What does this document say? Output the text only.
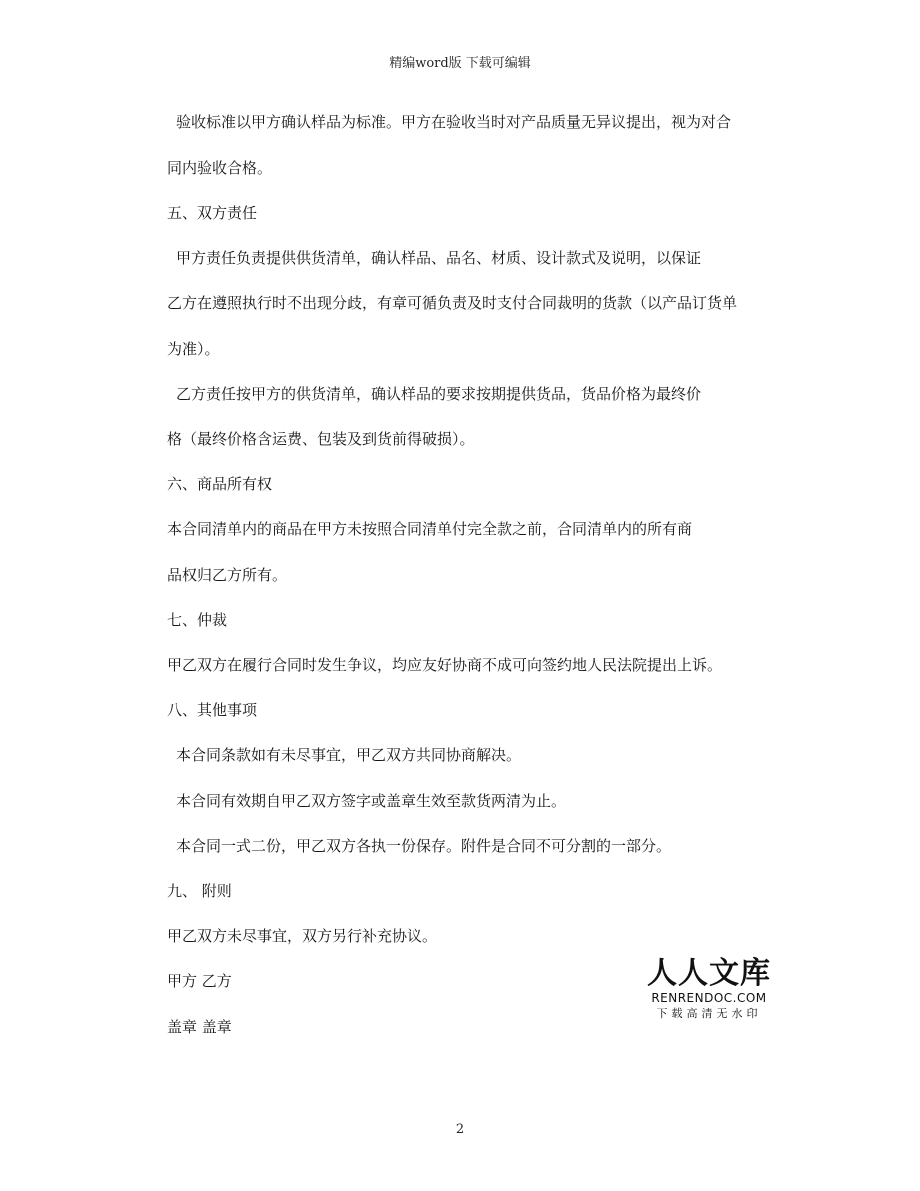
精编word版 下载可编辑
验收标准以甲方确认样品为标准。甲方在验收当时对产品质量无异议提出，视为对合
同内验收合格。
五、双方责任
甲方责任负责提供供货清单，确认样品、品名、材质、设计款式及说明，以保证
乙方在遵照执行时不出现分歧，有章可循负责及时支付合同裁明的货款（以产品订货单
为准）。
乙方责任按甲方的供货清单，确认样品的要求按期提供货品，货品价格为最终价
格（最终价格含运费、包装及到货前得破损）。
六、商品所有权
本合同清单内的商品在甲方未按照合同清单付完全款之前，合同清单内的所有商
品权归乙方所有。
七、仲裁
甲乙双方在履行合同时发生争议，均应友好协商不成可向签约地人民法院提出上诉。
八、其他事项
本合同条款如有未尽事宜，甲乙双方共同协商解决。
本合同有效期自甲乙双方签字或盖章生效至款货两清为止。
本合同一式二份，甲乙双方各执一份保存。附件是合同不可分割的一部分。
九、 附则
甲乙双方未尽事宜，双方另行补充协议。
甲方 乙方
盖章 盖章
人人文库
RENRENDOC.COM
下载高清无水印
2
